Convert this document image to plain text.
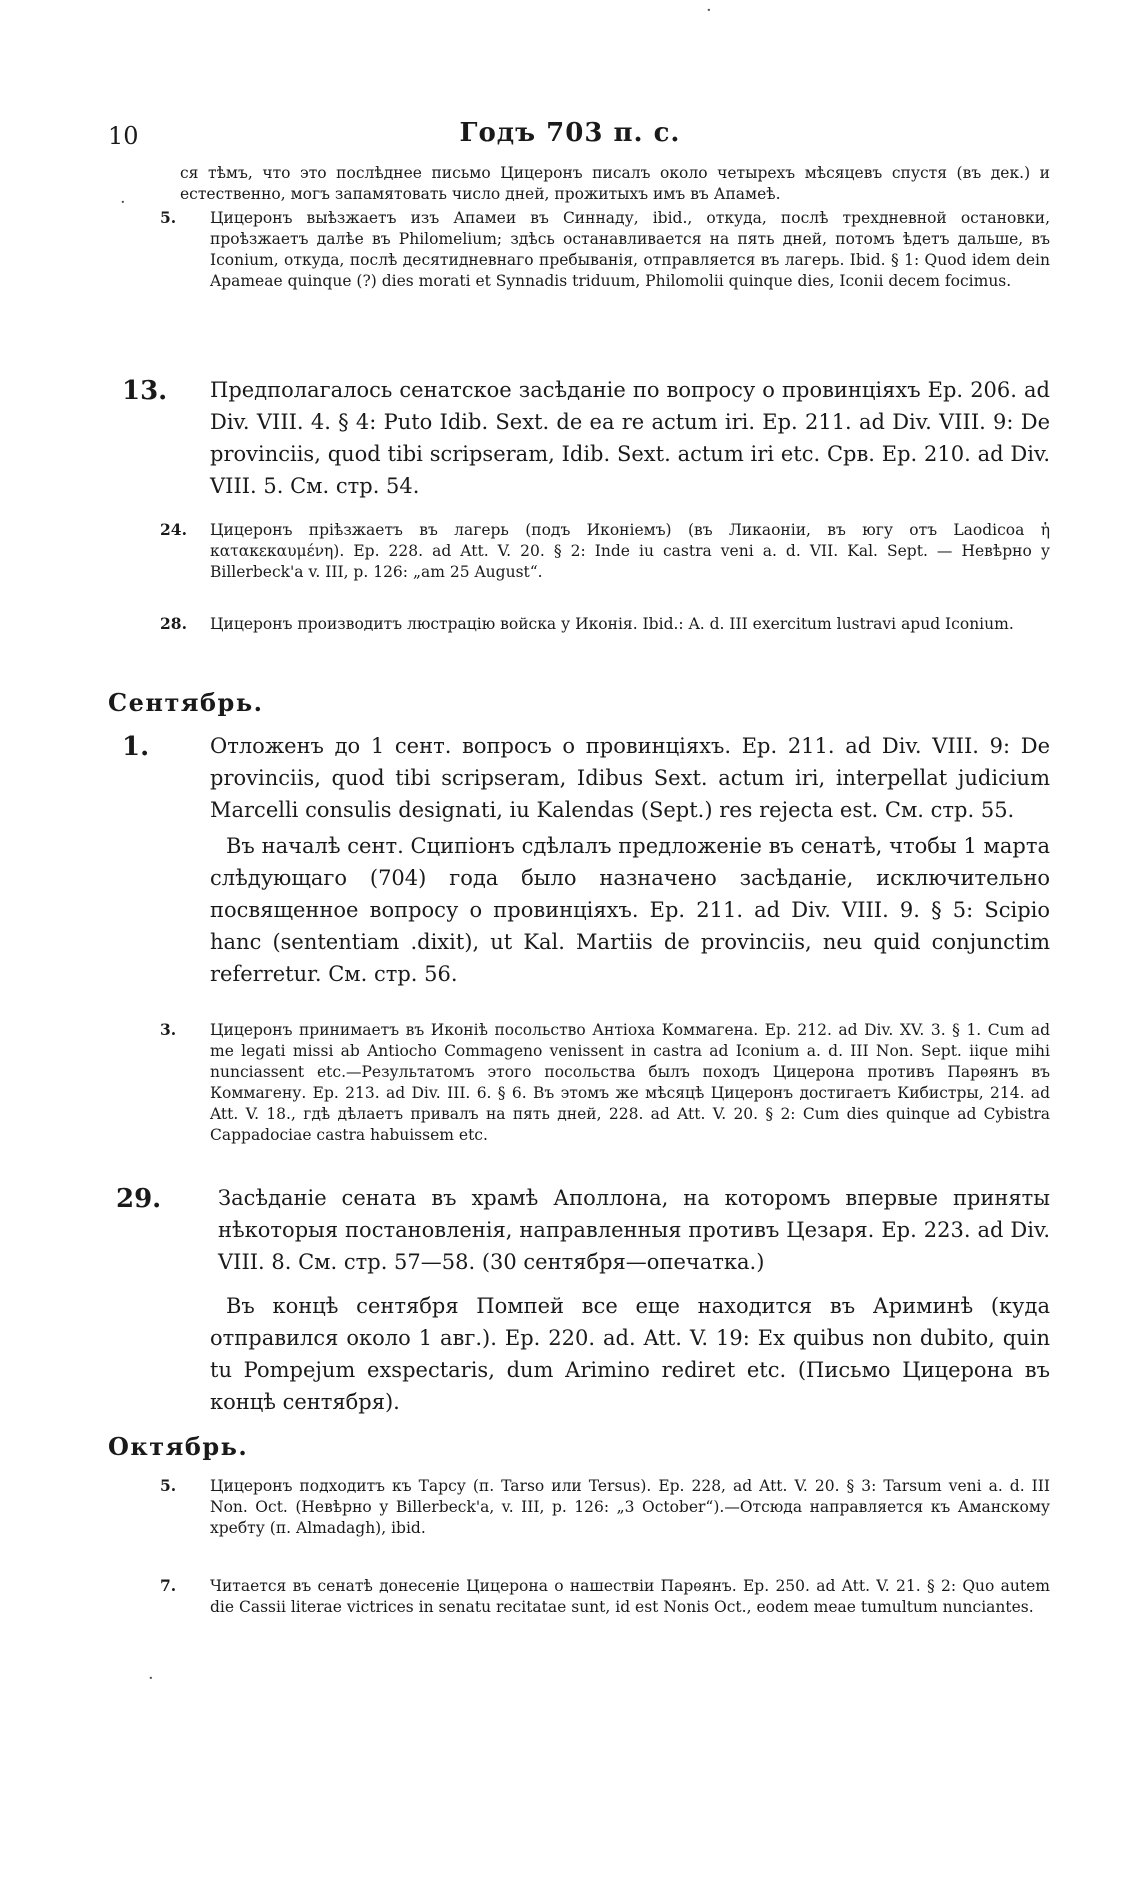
10	Годъ 703 п. с.
ся тѣмъ, что это послѣднее письмо Цицеронъ писалъ около четырехъ мѣсяцевъ спустя (въ дек.) и естественно, могъ запамятовать число дней, прожитыхъ имъ въ Апамеѣ.
5. Цицеронъ выѣзжаетъ изъ Апамеи въ Синнаду, ibid., откуда, послѣ трехдневной остановки, проѣзжаетъ далѣе въ Philomelium; здѣсь останавливается на пять дней, потомъ ѣдетъ дальше, въ Iconium, откуда, послѣ десятидневнаго пребыванія, отправляется въ лагерь. Ibid. § 1: Quod idem dein Apameae quinque (?) dies morati et Synnadis triduum, Philomolii quinque dies, Iconii decem focimus.
13. Предполагалось сенатское засѣданіе по вопросу о провинціяхъ Ep. 206. ad Div. VIII. 4. § 4: Puto Idib. Sext. de ea re actum iri. Ep. 211. ad Div. VIII. 9: De provinciis, quod tibi scripseram, Idib. Sext. actum iri etc. Срв. Ep. 210. ad Div. VIII. 5. См. стр. 54.
24. Цицеронъ пріѣзжаетъ въ лагерь (подъ Иконіемъ) (въ Ликаоніи, въ югу отъ Laodicoa ἡ κατακεκαυμένη). Ep. 228. ad Att. V. 20. § 2: Inde iu castra veni a. d. VII. Kal. Sept. — Невѣрно у Billerbeck'a v. III, p. 126: „am 25 August“.
28. Цицеронъ производитъ люстрацію войска у Иконія. Ibid.: A. d. III exercitum lustravi apud Iconium.
Сентябрь.
1.	Отложенъ до 1 сент. вопросъ о провинціяхъ. Ep. 211. ad Div. VIII. 9: De provinciis, quod tibi scripseram, Idibus Sext. actum iri, interpellat judicium Marcelli consulis designati, iu Kalendas (Sept.) res rejecta est. См. стр. 55.
Въ началѣ сент. Сципіонъ сдѣлалъ предложеніе въ сенатѣ, чтобы 1 марта слѣдующаго (704) года было назначено засѣданіе, исключительно посвященное вопросу о провинціяхъ. Ep. 211. ad Div. VIII. 9. § 5: Scipio hanc (sententiam .dixit), ut Kal. Martiis de provinciis, neu quid conjunctim referretur. См. стр. 56.
3. Цицеронъ принимаетъ въ Иконіѣ посольство Антіоха Коммагена. Ep. 212. ad Div. XV. 3. § 1. Cum ad me legati missi ab Antiocho Commageno venissent in castra ad Iconium a. d. III Non. Sept. iique mihi nunciassent etc.—Результатомъ этого посольства былъ походъ Цицерона противъ Парѳянъ въ Коммагену. Ep. 213. ad Div. III. 6. § 6. Въ этомъ же мѣсяцѣ Цицеронъ достигаетъ Кибистры, 214. ad Att. V. 18., гдѣ дѣлаетъ привалъ на пять дней, 228. ad Att. V. 20. § 2: Cum dies quinque ad Cybistra Cappadociae castra habuissem etc.
29.	Засѣданіе сената въ храмѣ Аполлона, на которомъ впервые приняты нѣкоторыя постановленія, направленныя противъ Цезаря. Ep. 223. ad Div. VIII. 8. См. стр. 57—58. (30 сентября—опечатка.)
Въ концѣ сентября Помпей все еще находится въ Ариминѣ (куда отправился около 1 авг.). Ep. 220. ad. Att. V. 19: Ex quibus non dubito, quin tu Pompejum exspectaris, dum Arimino rediret etc. (Письмо Цицерона въ концѣ сентября).
Октябрь.
5. Цицеронъ подходитъ къ Тарсу (п. Tarsо или Tersus). Ep. 228, ad Att. V. 20. § 3: Tarsum veni a. d. III Non. Oct. (Невѣрно у Billerbeck'a, v. III, p. 126: „3 October“).—Отсюда направляется къ Аманскому хребту (п. Almadagh), ibid.
7. Читается въ сенатѣ донесеніе Цицерона о нашествіи Парѳянъ. Ep. 250. ad Att. V. 21. § 2: Quo autem die Cassii literae victrices in senatu recitatae sunt, id est Nonis Oct., eodem meae tumultum nunciantes.
·
·
·
